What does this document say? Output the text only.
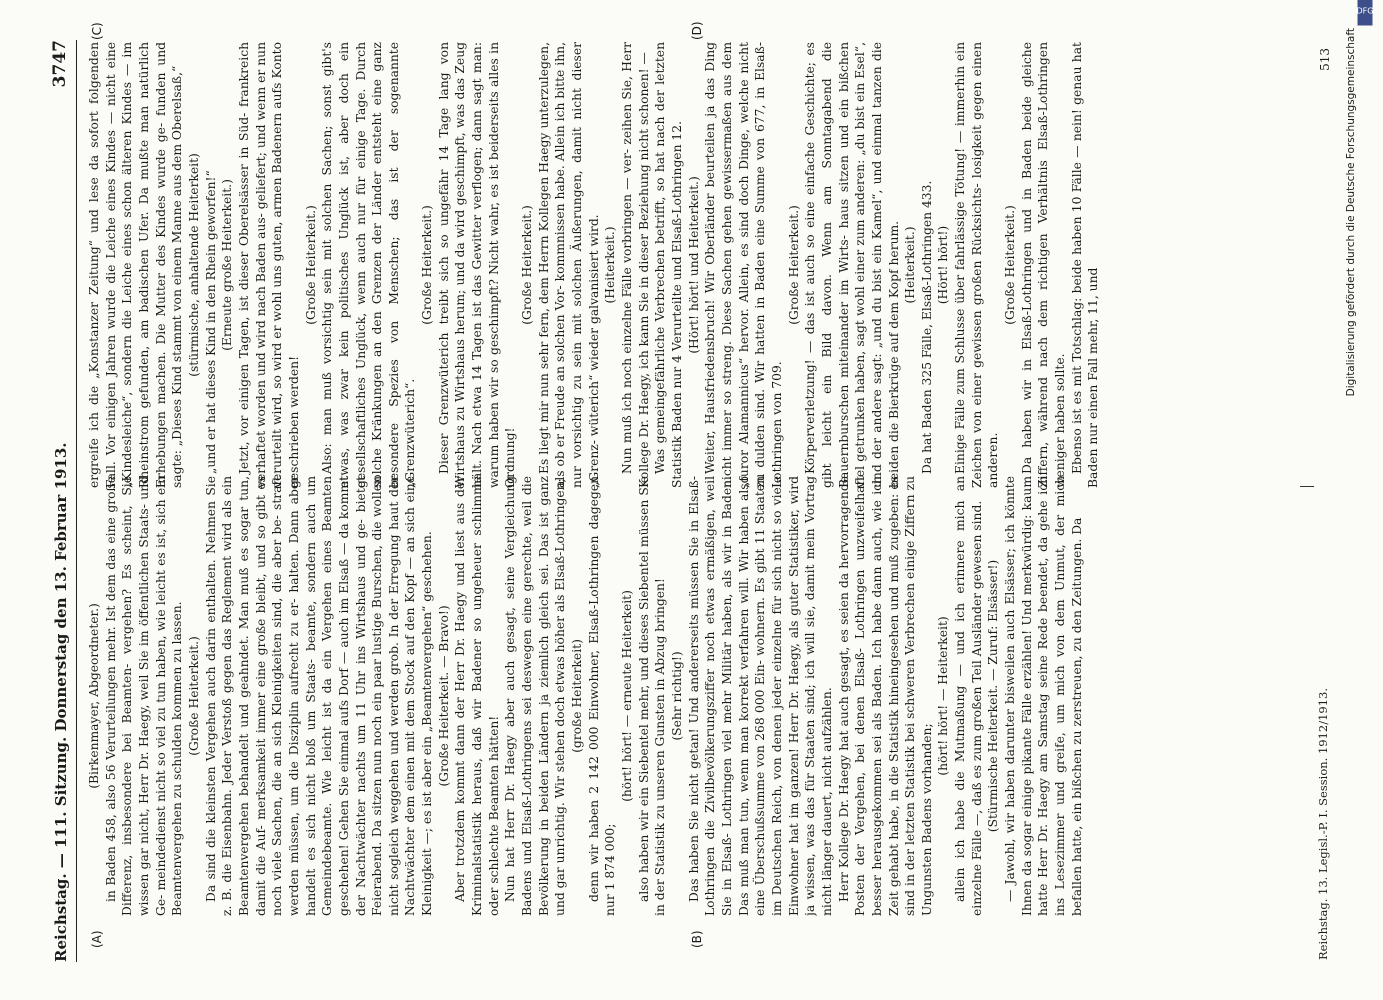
Reichstag. — 111. Sitzung. Donnerstag den 13. Februar 1913.
3747
(A)	(B)
(C)	(D)

(Birkenmayer, Abgeordneter.) in Baden 458, also 56 Verurteilungen mehr. Ist dem das eine große Differenz, insbesondere bei Beamten- vergehen? Es scheint, Sie wissen gar nicht, Herr Dr. Haegy, weil Sie im öffentlichen Staats- und Ge- meindedienst nicht so viel zu tun haben, wie leicht es ist, sich ein Beamtenvergehen zu schulden kommen zu lassen. (Große Heiterkeit.) Da sind die kleinsten Vergehen auch darin enthalten. Nehmen Sie z. B. die Eisenbahn. Jeder Verstoß gegen das Reglement wird als ein Beamtenvergehen behandelt und geahndet. Man muß es sogar tun, damit die Auf- merksamkeit immer eine große bleibt, und so gibt es noch viele Sachen, die an sich Kleinigkeiten sind, die aber be- straft werden müssen, um die Disziplin aufrecht zu er- halten. Dann aber handelt es sich nicht bloß um Staats- beamte, sondern auch um Gemeindebeamte. Wie leicht ist da ein Vergehen eines Beamten geschehen! Gehen Sie einmal aufs Dorf — auch im Elsaß — da kommt der Nachtwächter nachts um 11 Uhr ins Wirtshaus und ge- bietet Feierabend. Da sitzen nun noch ein paar lustige Burschen, die wollen nicht sogleich weggehen und werden grob. In der Erregung haut der Nachtwächter dem einen mit dem Stock auf den Kopf — an sich eine Kleinigkeit —; es ist aber ein „Beamtenvergehen“ geschehen. (Große Heiterkeit. — Bravo!) Aber trotzdem kommt dann der Herr Dr. Haegy und liest aus der Kriminalstatistik heraus, daß wir Badener so ungeheuer schlimme oder schlechte Beamten hätten! Nun hat Herr Dr. Haegy aber auch gesagt, seine Vergleichung Badens und Elsaß-Lothringens sei deswegen eine gerechte, weil die Bevölkerung in beiden Ländern ja ziemlich gleich sei. Das ist ganz und gar unrichtig. Wir stehen doch etwas höher als Elsaß-Lothringen; (große Heiterkeit) denn wir haben 2 142 000 Einwohner, Elsaß-Lothringen dagegen nur 1 874 000;

(hört! hört! — erneute Heiterkeit) also haben wir ein Siebentel mehr, und dieses Siebentel müssen Sie in der Statistik zu unseren Gunsten in Abzug bringen! (Sehr richtig!) Das haben Sie nicht getan! Und andererseits müssen Sie in Elsaß-Lothringen die Zivilbevölkerungsziffer noch etwas ermäßigen, weil Sie in Elsaß- Lothringen viel mehr Militär haben, als wir in Baden. Das muß man tun, wenn man korrekt verfahren will. Wir haben also eine Überschußsumme von 268 000 Ein- wohnern. Es gibt 11 Staaten im Deutschen Reich, von denen jeder einzelne für sich nicht so viele Einwohner hat im ganzen! Herr Dr. Haegy, als guter Statistiker, wird ja wissen, was das für Staaten sind; ich will sie, damit mein Vortrag nicht länger dauert, nicht aufzählen. Herr Kollege Dr. Haegy hat auch gesagt, es seien da hervorragende Posten der Vergehen, bei denen Elsaß- Lothringen unzweifelhaft besser herausgekommen sei als Baden. Ich habe dann auch, wie ich Zeit gehabt habe, in die Statistik hineingesehen und muß zugeben: es sind in der letzten Statistik bei schweren Verbrechen einige Ziffern zu Ungunsten Badens vorhanden;

(hört! hört! — Heiterkeit) allein ich habe die Mutmaßung — und ich erinnere mich an einzelne Fälle —, daß es zum großen Teil Ausländer gewesen sind. (Stürmische Heiterkeit. — Zuruf: Elsässer!) — Jawohl, wir haben darunter bisweilen auch Elsässer; ich könnte Ihnen da sogar einige pikante Fälle erzählen! Und merkwürdig: kaum hatte Herr Dr. Haegy am Samstag seine Rede beendet, da gehe ich ins Lesezimmer und greife, um mich von dem Unmut, der mich befallen hatte, ein bißchen zu zerstreuen, zu den Zeitungen. Da

ergreife ich die „Konstanzer Zeitung“ und lese da sofort folgenden Fall. Vor einigen Jahren wurde die Leiche eines Kindes — nicht eine „Kindesleiche“, sondern die Leiche eines schon älteren Kindes — im Rheinstrom gefunden, am badischen Ufer. Da mußte man natürlich Erhebungen machen. Die Mutter des Kindes wurde ge- funden und sagte: „Dieses Kind stammt von einem Manne aus dem Oberelsaß,“ (stürmische, anhaltende Heiterkeit) „und er hat dieses Kind in den Rhein geworfen!“ (Erneute große Heiterkeit.) Jetzt, vor einigen Tagen, ist dieser Oberelsässer in Süd- frankreich verhaftet worden und wird nach Baden aus- geliefert; und wenn er nun verurteilt wird, so wird er wohl uns guten, armen Badenern aufs Konto geschrieben werden!

(Große Heiterkeit.) Also: man muß vorsichtig sein mit solchen Sachen; sonst gibt's etwas, was zwar kein politisches Unglück ist, aber doch ein gesellschaftliches Unglück, wenn auch nur für einige Tage. Durch solche Kränkungen an den Grenzen der Länder entsteht eine ganz besondere Spezies von Menschen; das ist der sogenannte „Grenzwüterich“.

(Große Heiterkeit.) Dieser Grenzwüterich treibt sich so ungefähr 14 Tage lang von Wirtshaus zu Wirtshaus herum; und da wird geschimpft, was das Zeug hält. Nach etwa 14 Tagen ist das Gewitter verflogen; dann sagt man: warum haben wir so geschimpft? Nicht wahr, es ist beiderseits alles in Ordnung!

(Große Heiterkeit.) Es liegt mir nun sehr fern, dem Herrn Kollegen Haegy unterzulegen, als ob er Freude an solchen Vor- kommnissen habe. Allein ich bitte ihn, nur vorsichtig zu sein mit solchen Äußerungen, damit nicht dieser „Grenz- wüterich“ wieder galvanisiert wird. (Heiterkeit.) Nun muß ich noch einzelne Fälle vorbringen — ver- zeihen Sie, Herr Kollege Dr. Haegy, ich kann Sie in dieser Beziehung nicht schonen! — Was gemeingefährliche Verbrechen betrifft, so hat nach der letzten Statistik Baden nur 4 Verurteilte und Elsaß-Lothringen 12. (Hört! hört! und Heiterkeit.) Weiter, Hausfriedensbruch! Wir Oberländer beurteilen ja das Ding nicht immer so streng. Diese Sachen gehen gewissermaßen aus dem „furor Alamannicus“ hervor. Allein, es sind doch Dinge, welche nicht zu dulden sind. Wir hatten in Baden eine Summe von 677, in Elsaß- Lothringen von 709.

(Große Heiterkeit.) Körperverletzung! — das ist auch so eine einfache Geschichte; es gibt leicht ein Bild davon. Wenn am Sonntagabend die Bauernburschen miteinander im Wirts- haus sitzen und ein bißchen viel getrunken haben, sagt wohl einer zum anderen: „du bist ein Esel“, und der andere sagt: „und du bist ein Kamel“, und einmal tanzen die beiden die Bierkrüge auf dem Kopf herum. (Heiterkeit.) Da hat Baden 325 Fälle, Elsaß-Lothringen 433. (Hört! hört!) Einige Fälle zum Schlusse über fahrlässige Tötung! — immerhin ein Zeichen von einer gewissen großen Rücksichts- losigkeit gegen einen anderen.

(Große Heiterkeit.) Da haben wir in Elsaß-Lothringen und in Baden beide gleiche Ziffern, während nach dem richtigen Verhältnis Elsaß-Lothringen weniger haben sollte. Ebenso ist es mit Totschlag: beide haben 10 Fälle — nein! genau hat Baden nur einen Fall mehr, 11, und

Reichstag. 13. Legisl.-P. I. Session. 1912/1913.
513 Digitalisierung gefördert durch die Deutsche Forschungsgemeinschaft
DFG
